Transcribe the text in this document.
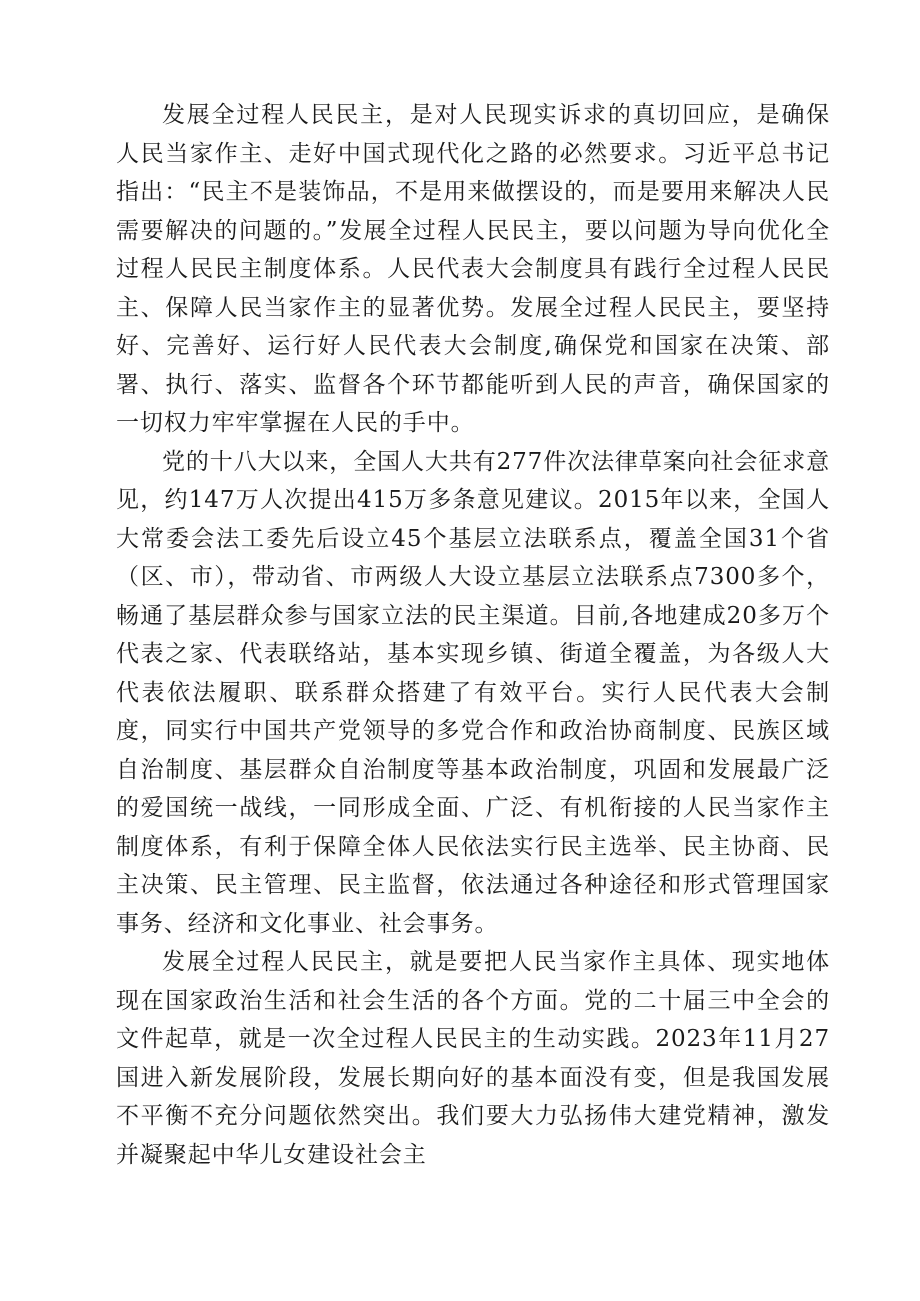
发展全过程人民民主，是对人民现实诉求的真切回应，是确保人民当家作主、走好中国式现代化之路的必然要求。习近平总书记指出：“民主不是装饰品，不是用来做摆设的，而是要用来解决人民需要解决的问题的。”发展全过程人民民主，要以问题为导向优化全过程人民民主制度体系。人民代表大会制度具有践行全过程人民民主、保障人民当家作主的显著优势。发展全过程人民民主，要坚持好、完善好、运行好人民代表大会制度,确保党和国家在决策、部署、执行、落实、监督各个环节都能听到人民的声音，确保国家的一切权力牢牢掌握在人民的手中。

党的十八大以来，全国人大共有277件次法律草案向社会征求意见，约147万人次提出415万多条意见建议。2015年以来，全国人大常委会法工委先后设立45个基层立法联系点，覆盖全国31个省（区、市），带动省、市两级人大设立基层立法联系点7300多个，畅通了基层群众参与国家立法的民主渠道。目前,各地建成20多万个代表之家、代表联络站，基本实现乡镇、街道全覆盖，为各级人大代表依法履职、联系群众搭建了有效平台。实行人民代表大会制度，同实行中国共产党领导的多党合作和政治协商制度、民族区域自治制度、基层群众自治制度等基本政治制度，巩固和发展最广泛的爱国统一战线，一同形成全面、广泛、有机衔接的人民当家作主制度体系，有利于保障全体人民依法实行民主选举、民主协商、民主决策、民主管理、民主监督，依法通过各种途径和形式管理国家事务、经济和文化事业、社会事务。

发展全过程人民民主，就是要把人民当家作主具体、现实地体现在国家政治生活和社会生活的各个方面。党的二十届三中全会的文件起草，就是一次全过程人民民主的生动实践。2023年11月27国进入新发展阶段，发展长期向好的基本面没有变，但是我国发展不平衡不充分问题依然突出。我们要大力弘扬伟大建党精神，激发并凝聚起中华儿女建设社会主
